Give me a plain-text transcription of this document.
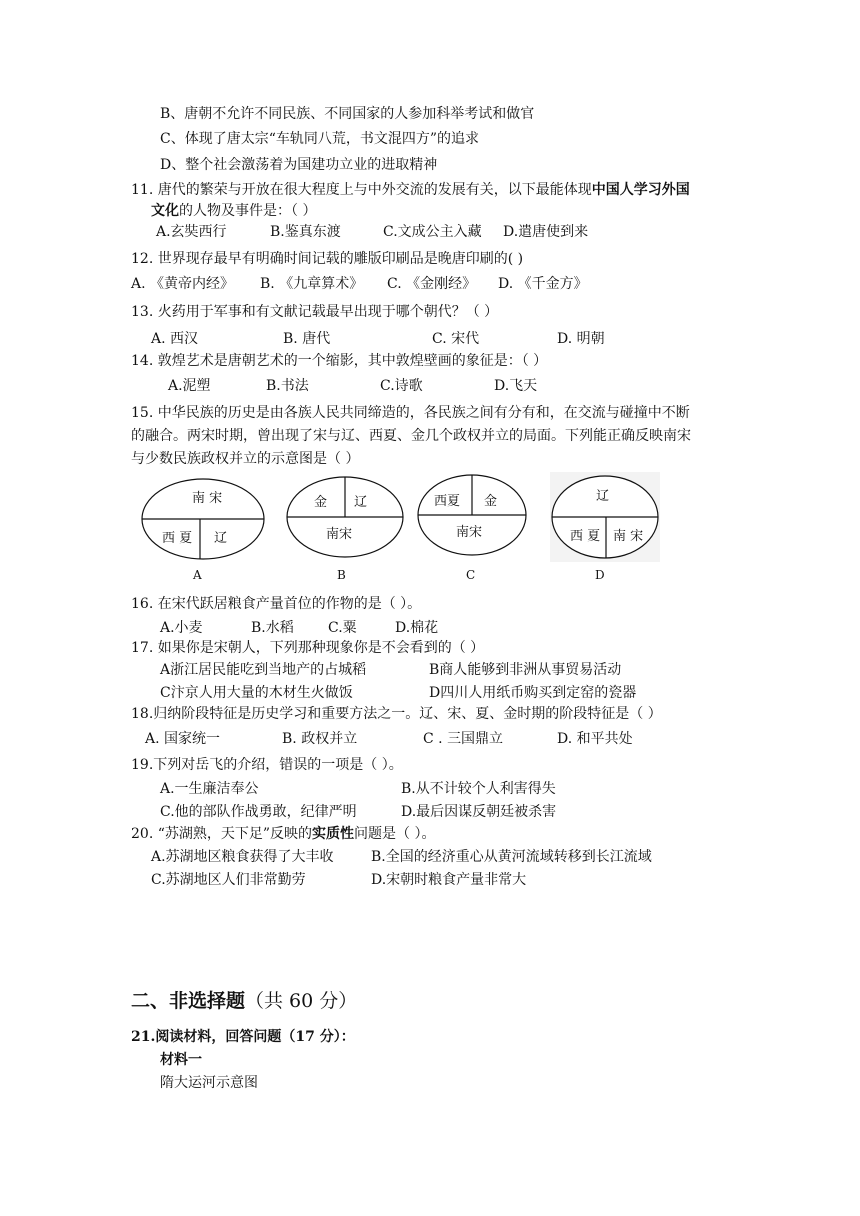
B、唐朝不允许不同民族、不同国家的人参加科举考试和做官
C、体现了唐太宗“车轨同八荒，书文混四方”的追求
D、整个社会激荡着为国建功立业的进取精神
11. 唐代的繁荣与开放在很大程度上与中外交流的发展有关，以下最能体现中国人学习外国
文化的人物及事件是：（ ）
A.玄奘西行	B.鉴真东渡	C.文成公主入藏 D.遣唐使到来
12. 世界现存最早有明确时间记载的雕版印刷品是晚唐印刷的( )
A. 《黄帝内经》 B. 《九章算术》 C. 《金刚经》 D. 《千金方》
13. 火药用于军事和有文献记载最早出现于哪个朝代？（ ）
A. 西汉	B. 唐代	C. 宋代	D. 明朝
14. 敦煌艺术是唐朝艺术的一个缩影，其中敦煌壁画的象征是：（ ）
A.泥塑	B.书法	C.诗歌	D.飞天
15. 中华民族的历史是由各族人民共同缔造的，各民族之间有分有和，在交流与碰撞中不断
的融合。两宋时期，曾出现了宋与辽、西夏、金几个政权并立的局面。下列能正确反映南宋
与少数民族政权并立的示意图是（ ）
南 宋
西 夏 辽
A
金 辽
南宋
B
西夏 金
南宋
C
辽
西 夏 南 宋
D
16. 在宋代跃居粮食产量首位的作物的是（ ）。
A.小麦	B.水稻 C.粟	D.棉花
17. 如果你是宋朝人，下列那种现象你是不会看到的（ ）
A浙江居民能吃到当地产的占城稻	B商人能够到非洲从事贸易活动
C汴京人用大量的木材生火做饭	D四川人用纸币购买到定窑的瓷器
18.归纳阶段特征是历史学习和重要方法之一。辽、宋、夏、金时期的阶段特征是（ ）
A. 国家统一	B. 政权并立	C . 三国鼎立	D. 和平共处
19.下列对岳飞的介绍，错误的一项是（ ）。
A.一生廉洁奉公	B.从不计较个人利害得失
C.他的部队作战勇敢，纪律严明	D.最后因谋反朝廷被杀害
20. “苏湖熟，天下足”反映的实质性问题是（ ）。
A.苏湖地区粮食获得了大丰收	B.全国的经济重心从黄河流域转移到长江流域
C.苏湖地区人们非常勤劳	D.宋朝时粮食产量非常大
二、非选择题（共 60 分）
21.阅读材料，回答问题（17 分）：
材料一
隋大运河示意图
